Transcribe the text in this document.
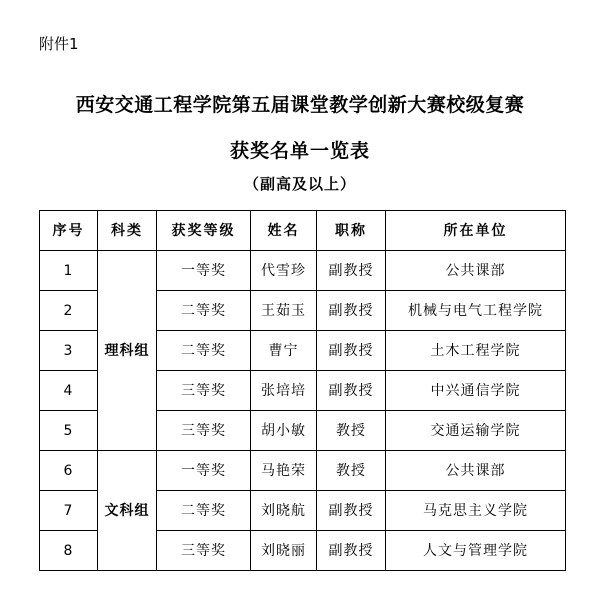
附件1
西安交通工程学院第五届课堂教学创新大赛校级复赛
获奖名单一览表
（副高及以上）
序号	科类	获奖等级	姓名	职称	所在单位
1	理科组	一等奖	代雪珍	副教授	公共课部
2		二等奖	王茹玉	副教授	机械与电气工程学院
3		二等奖	曹宁	副教授	土木工程学院
4		三等奖	张培培	副教授	中兴通信学院
5		三等奖	胡小敏	教授	交通运输学院
6	文科组	一等奖	马艳荣	教授	公共课部
7		二等奖	刘晓航	副教授	马克思主义学院
8		三等奖	刘晓丽	副教授	人文与管理学院
